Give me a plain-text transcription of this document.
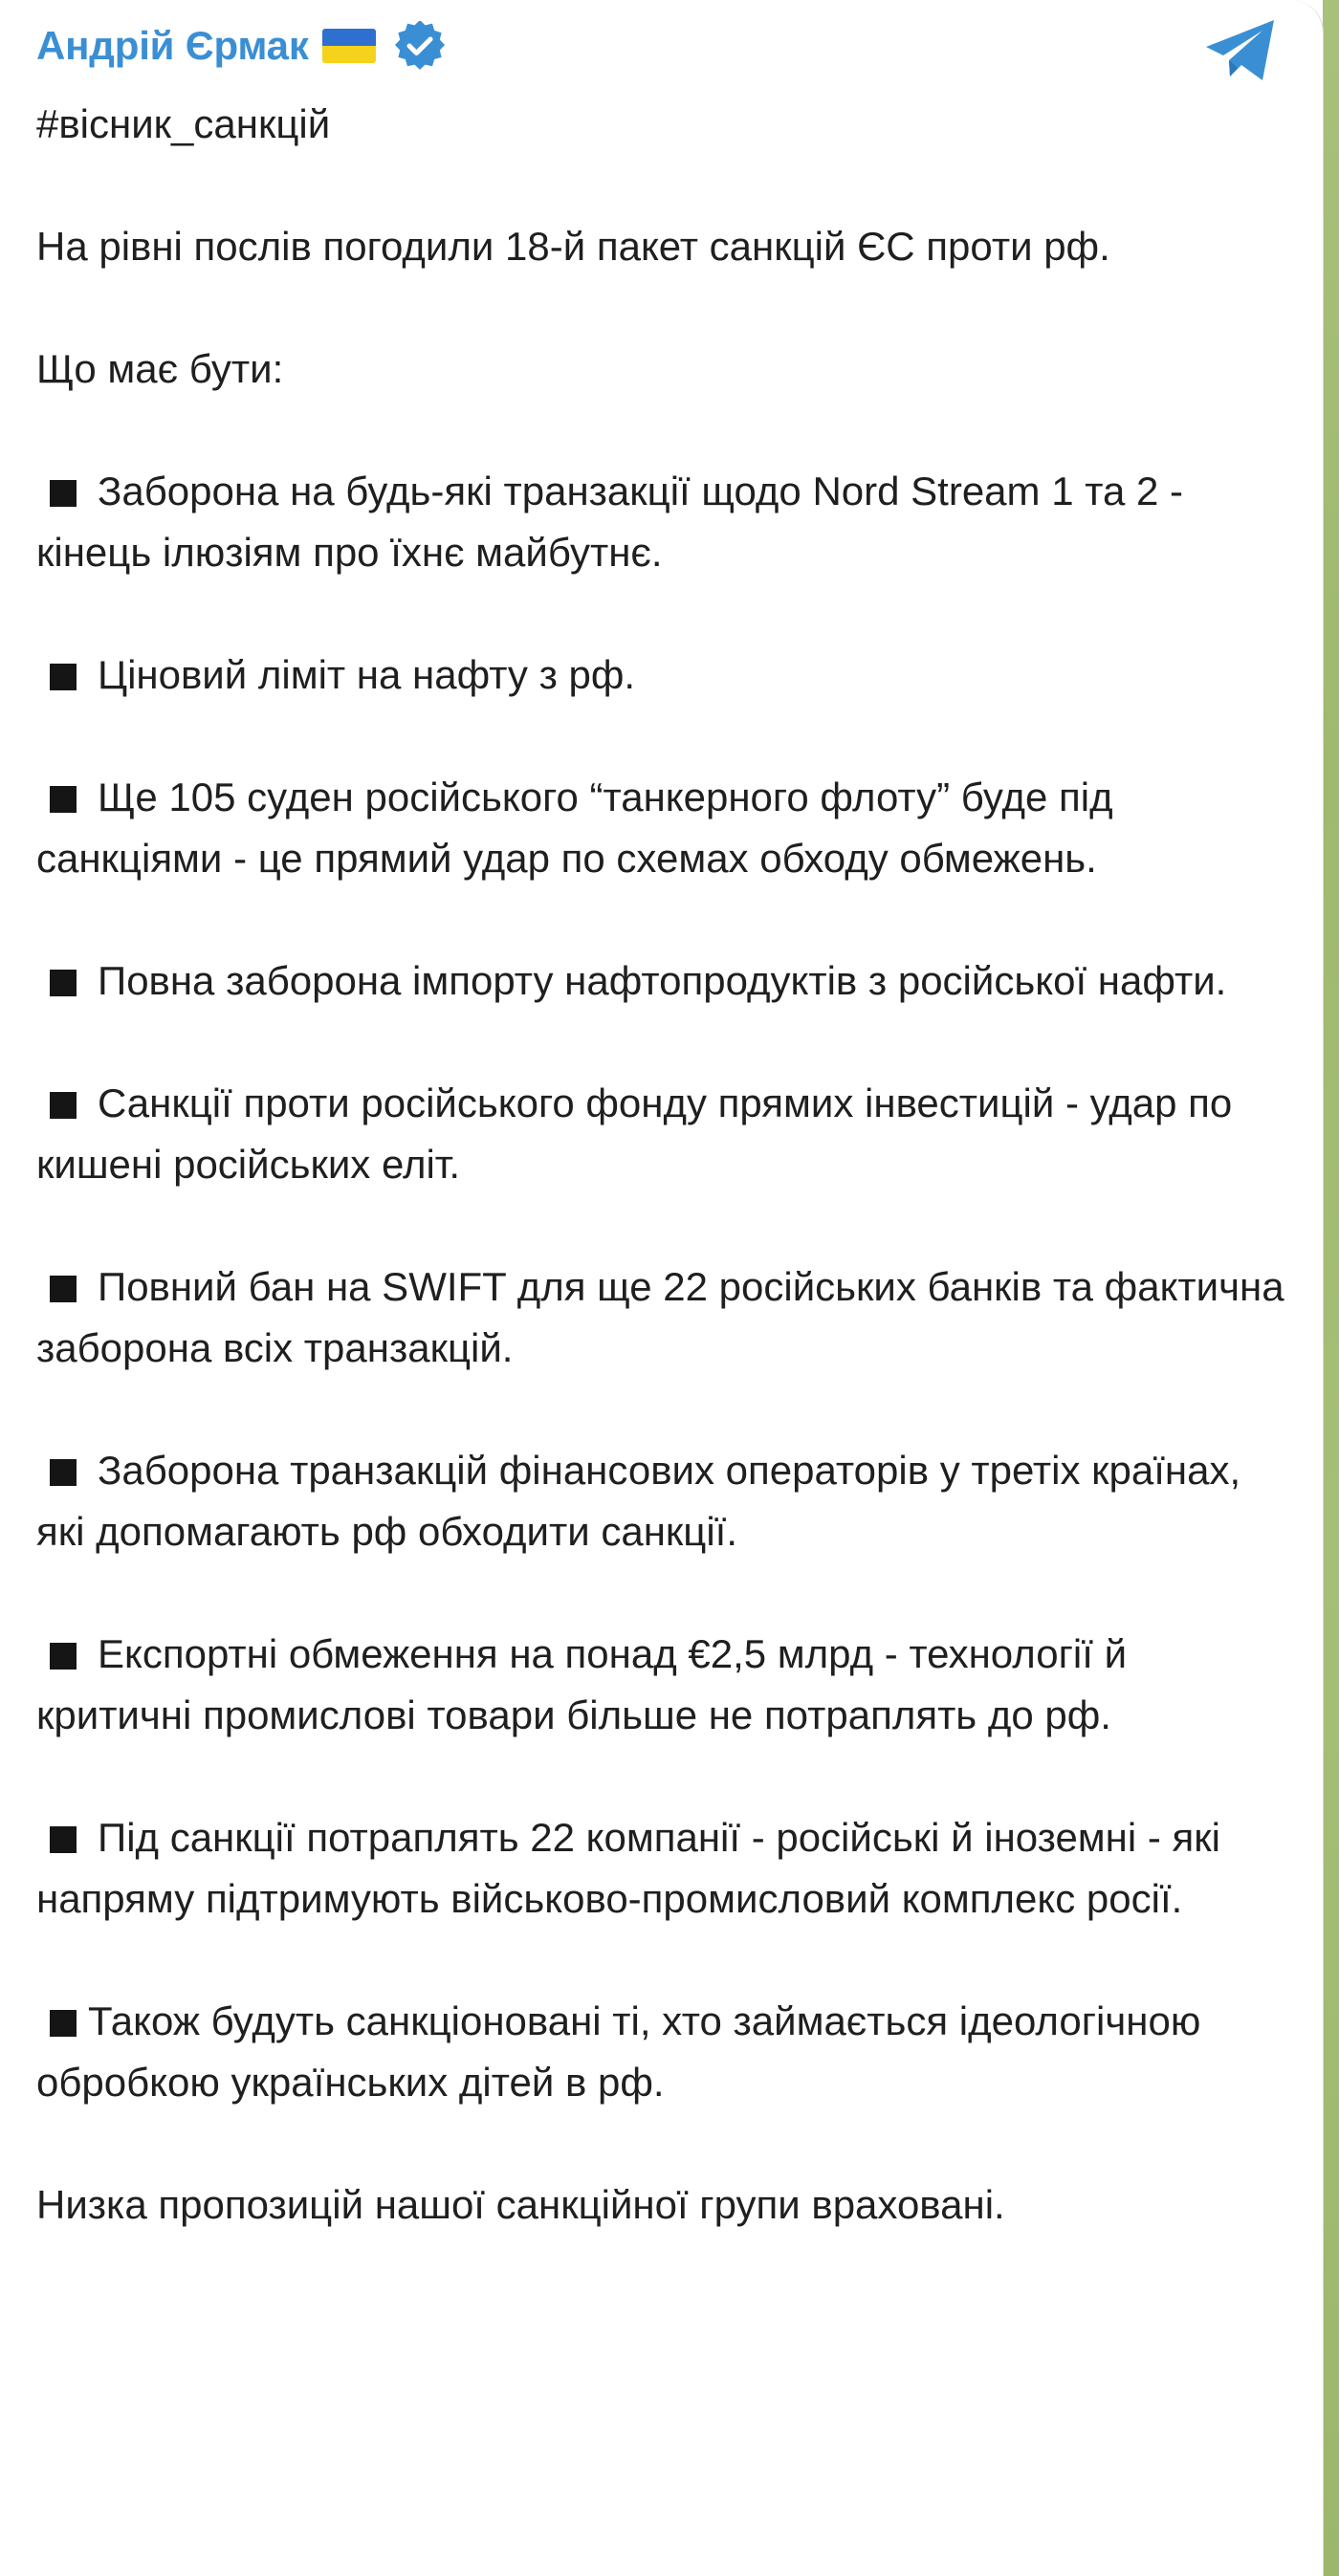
Андрій Єрмак

#вісник_санкцій

На рівні послів погодили 18-й пакет санкцій ЄС проти рф.

Що має бути:

Заборона на будь-які транзакції щодо Nord Stream 1 та 2 - кінець ілюзіям про їхнє майбутнє.

Ціновий ліміт на нафту з рф.

Ще 105 суден російського “танкерного флоту” буде під санкціями - це прямий удар по схемах обходу обмежень.

Повна заборона імпорту нафтопродуктів з російської нафти.

Санкції проти російського фонду прямих інвестицій - удар по кишені російських еліт.

Повний бан на SWIFT для ще 22 російських банків та фактична заборона всіх транзакцій.

Заборона транзакцій фінансових операторів у третіх країнах, які допомагають рф обходити санкції.

Експортні обмеження на понад €2,5 млрд - технології й критичні промислові товари більше не потраплять до рф.

Під санкції потраплять 22 компанії - російські й іноземні - які напряму підтримують військово-промисловий комплекс росії.

Також будуть санкціоновані ті, хто займається ідеологічною обробкою українських дітей в рф.

Низка пропозицій нашої санкційної групи враховані.
